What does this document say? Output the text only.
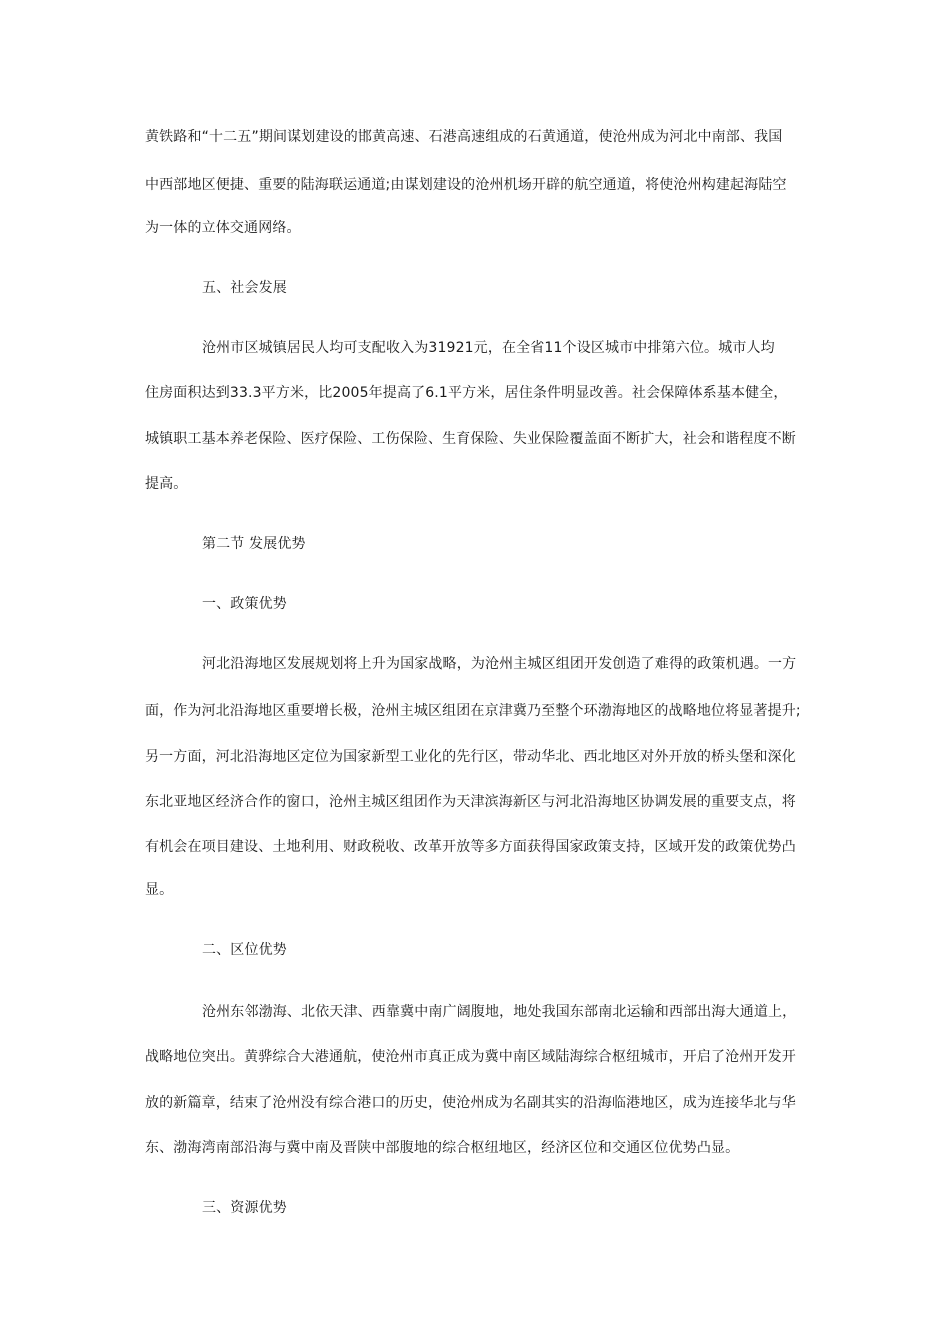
黄铁路和“十二五”期间谋划建设的邯黄高速、石港高速组成的石黄通道，使沧州成为河北中南部、我国
中西部地区便捷、重要的陆海联运通道;由谋划建设的沧州机场开辟的航空通道，将使沧州构建起海陆空
为一体的立体交通网络。
五、社会发展
沧州市区城镇居民人均可支配收入为31921元，在全省11个设区城市中排第六位。城市人均
住房面积达到33.3平方米，比2005年提高了6.1平方米，居住条件明显改善。社会保障体系基本健全，
城镇职工基本养老保险、医疗保险、工伤保险、生育保险、失业保险覆盖面不断扩大，社会和谐程度不断
提高。
第二节 发展优势
一、政策优势
河北沿海地区发展规划将上升为国家战略，为沧州主城区组团开发创造了难得的政策机遇。一方
面，作为河北沿海地区重要增长极，沧州主城区组团在京津冀乃至整个环渤海地区的战略地位将显著提升;
另一方面，河北沿海地区定位为国家新型工业化的先行区，带动华北、西北地区对外开放的桥头堡和深化
东北亚地区经济合作的窗口，沧州主城区组团作为天津滨海新区与河北沿海地区协调发展的重要支点，将
有机会在项目建设、土地利用、财政税收、改革开放等多方面获得国家政策支持，区域开发的政策优势凸
显。
二、区位优势
沧州东邻渤海、北依天津、西靠冀中南广阔腹地，地处我国东部南北运输和西部出海大通道上，
战略地位突出。黄骅综合大港通航，使沧州市真正成为冀中南区域陆海综合枢纽城市，开启了沧州开发开
放的新篇章，结束了沧州没有综合港口的历史，使沧州成为名副其实的沿海临港地区，成为连接华北与华
东、渤海湾南部沿海与冀中南及晋陕中部腹地的综合枢纽地区，经济区位和交通区位优势凸显。
三、资源优势
